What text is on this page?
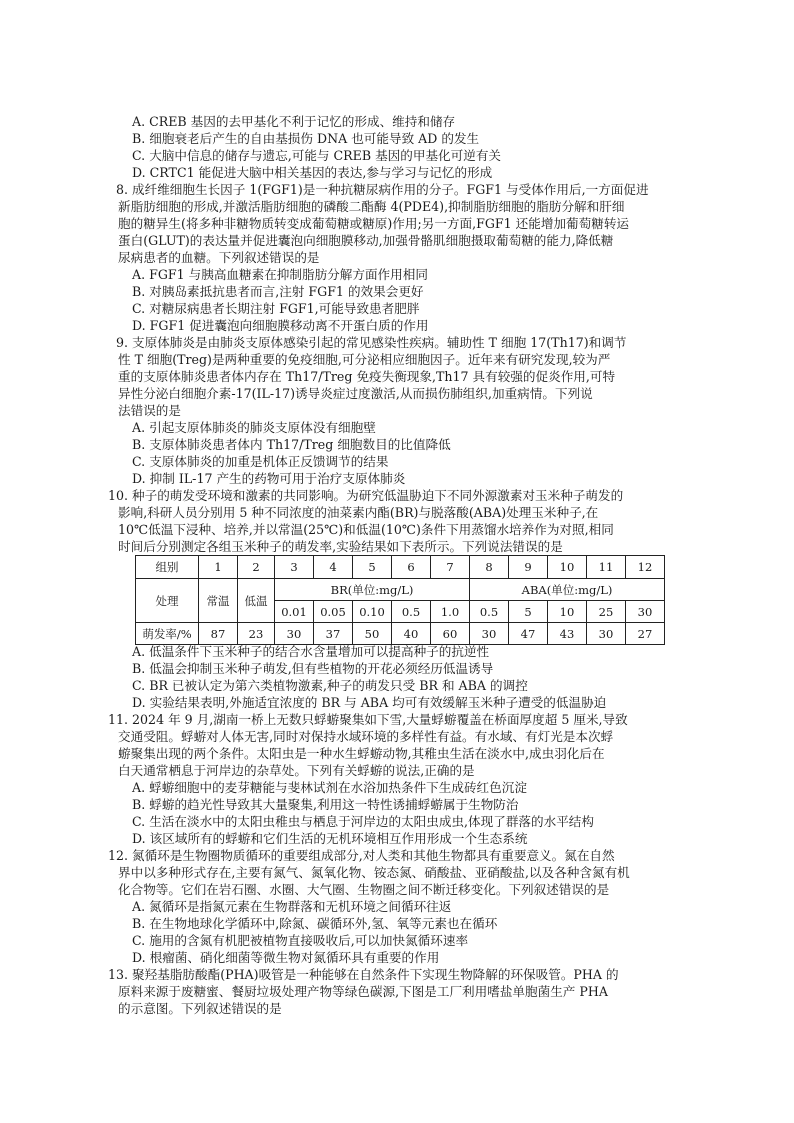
A. CREB 基因的去甲基化不利于记忆的形成、维持和储存
B. 细胞衰老后产生的自由基损伤 DNA 也可能导致 AD 的发生
C. 大脑中信息的储存与遗忘,可能与 CREB 基因的甲基化可逆有关
D. CRTC1 能促进大脑中相关基因的表达,参与学习与记忆的形成
8. 成纤维细胞生长因子 1(FGF1)是一种抗糖尿病作用的分子。FGF1 与受体作用后,一方面促进
新脂肪细胞的形成,并激活脂肪细胞的磷酸二酯酶 4(PDE4),抑制脂肪细胞的脂肪分解和肝细
胞的糖异生(将多种非糖物质转变成葡萄糖或糖原)作用;另一方面,FGF1 还能增加葡萄糖转运
蛋白(GLUT)的表达量并促进囊泡向细胞膜移动,加强骨骼肌细胞摄取葡萄糖的能力,降低糖
尿病患者的血糖。下列叙述错误的是
A. FGF1 与胰高血糖素在抑制脂肪分解方面作用相同
B. 对胰岛素抵抗患者而言,注射 FGF1 的效果会更好
C. 对糖尿病患者长期注射 FGF1,可能导致患者肥胖
D. FGF1 促进囊泡向细胞膜移动离不开蛋白质的作用
9. 支原体肺炎是由肺炎支原体感染引起的常见感染性疾病。辅助性 T 细胞 17(Th17)和调节
性 T 细胞(Treg)是两种重要的免疫细胞,可分泌相应细胞因子。近年来有研究发现,较为严
重的支原体肺炎患者体内存在 Th17/Treg 免疫失衡现象,Th17 具有较强的促炎作用,可特
异性分泌白细胞介素-17(IL-17)诱导炎症过度激活,从而损伤肺组织,加重病情。下列说
法错误的是
A. 引起支原体肺炎的肺炎支原体没有细胞壁
B. 支原体肺炎患者体内 Th17/Treg 细胞数目的比值降低
C. 支原体肺炎的加重是机体正反馈调节的结果
D. 抑制 IL-17 产生的药物可用于治疗支原体肺炎
10. 种子的萌发受环境和激素的共同影响。为研究低温胁迫下不同外源激素对玉米种子萌发的
影响,科研人员分别用 5 种不同浓度的油菜素内酯(BR)与脱落酸(ABA)处理玉米种子,在
10℃低温下浸种、培养,并以常温(25℃)和低温(10℃)条件下用蒸馏水培养作为对照,相同
组别	1	2	3	4	5	6	7	8	9	10	11	12
处理	常温	低温	BR(单位:mg/L)					ABA(单位:mg/L)				
			0.01	0.05	0.10	0.5	1.0	0.5	5	10	25	30
萌发率/%	87	23	30	37	50	40	60	30	47	43	30	27
时间后分别测定各组玉米种子的萌发率,实验结果如下表所示。下列说法错误的是
A. 低温条件下玉米种子的结合水含量增加可以提高种子的抗逆性
B. 低温会抑制玉米种子萌发,但有些植物的开花必须经历低温诱导
C. BR 已被认定为第六类植物激素,种子的萌发只受 BR 和 ABA 的调控
D. 实验结果表明,外施适宜浓度的 BR 与 ABA 均可有效缓解玉米种子遭受的低温胁迫
11. 2024 年 9 月,湖南一桥上无数只蜉蝣聚集如下雪,大量蜉蝣覆盖在桥面厚度超 5 厘米,导致
交通受阻。蜉蝣对人体无害,同时对保持水域环境的多样性有益。有水域、有灯光是本次蜉
蝣聚集出现的两个条件。太阳虫是一种水生蜉蝣动物,其稚虫生活在淡水中,成虫羽化后在
白天通常栖息于河岸边的杂草处。下列有关蜉蝣的说法,正确的是
A. 蜉蝣细胞中的麦芽糖能与斐林试剂在水浴加热条件下生成砖红色沉淀
B. 蜉蝣的趋光性导致其大量聚集,利用这一特性诱捕蜉蝣属于生物防治
C. 生活在淡水中的太阳虫稚虫与栖息于河岸边的太阳虫成虫,体现了群落的水平结构
D. 该区域所有的蜉蝣和它们生活的无机环境相互作用形成一个生态系统
12. 氮循环是生物圈物质循环的重要组成部分,对人类和其他生物都具有重要意义。氮在自然
界中以多种形式存在,主要有氮气、氮氧化物、铵态氮、硝酸盐、亚硝酸盐,以及各种含氮有机
化合物等。它们在岩石圈、水圈、大气圈、生物圈之间不断迁移变化。下列叙述错误的是
A. 氮循环是指氮元素在生物群落和无机环境之间循环往返
B. 在生物地球化学循环中,除氮、碳循环外,氢、氧等元素也在循环
C. 施用的含氮有机肥被植物直接吸收后,可以加快氮循环速率
D. 根瘤菌、硝化细菌等微生物对氮循环具有重要的作用
13. 聚羟基脂肪酸酯(PHA)吸管是一种能够在自然条件下实现生物降解的环保吸管。PHA 的
原料来源于废糖蜜、餐厨垃圾处理产物等绿色碳源,下图是工厂利用嗜盐单胞菌生产 PHA
的示意图。下列叙述错误的是
